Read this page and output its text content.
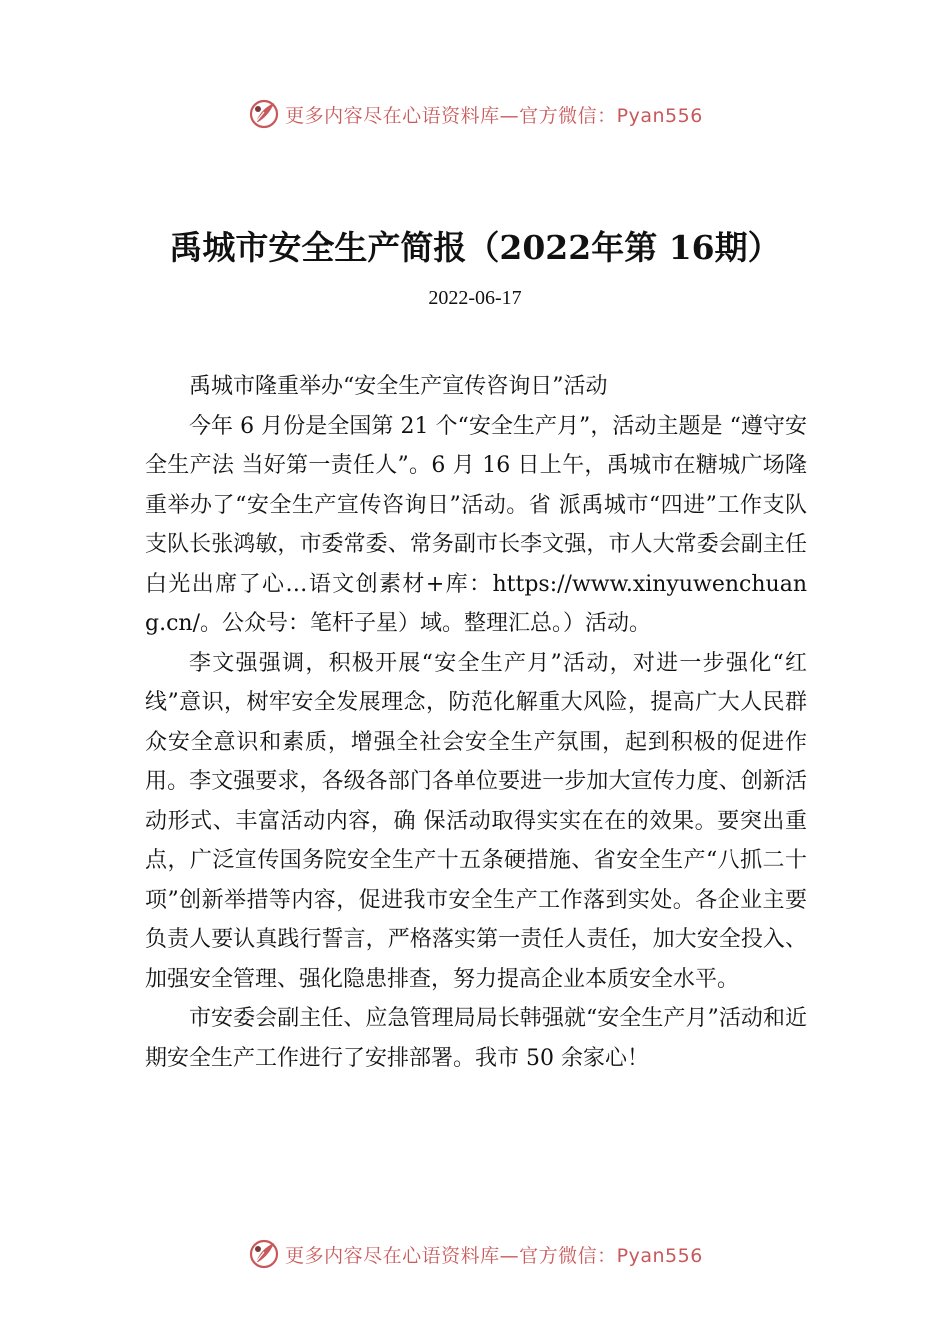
更多内容尽在心语资料库—官方微信：Pyan556
禹城市安全生产简报（2022年第 16期）
2022-06-17

禹城市隆重举办“安全生产宣传咨询日”活动

今年 6 月份是全国第 21 个“安全生产月”，活动主题是 “遵守安全生产法 当好第一责任人”。6 月 16 日上午，禹城市在糖城广场隆重举办了“安全生产宣传咨询日”活动。省 派禹城市“四进”工作支队支队长张鸿敏，市委常委、常务副市长李文强，市人大常委会副主任白光出席了心…语文创素材+库：https://www.xinyuwenchuang.cn/。公众号：笔杆子星）域。整理汇总。）活动。

李文强强调，积极开展“安全生产月”活动，对进一步强化“红线”意识，树牢安全发展理念，防范化解重大风险，提高广大人民群众安全意识和素质，增强全社会安全生产氛围，起到积极的促进作用。李文强要求，各级各部门各单位要进一步加大宣传力度、创新活动形式、丰富活动内容，确 保活动取得实实在在的效果。要突出重点，广泛宣传国务院安全生产十五条硬措施、省安全生产“八抓二十项”创新举措等内容，促进我市安全生产工作落到实处。各企业主要负责人要认真践行誓言，严格落实第一责任人责任，加大安全投入、加强安全管理、强化隐患排查，努力提高企业本质安全水平。

市安委会副主任、应急管理局局长韩强就“安全生产月”活动和近期安全生产工作进行了安排部署。我市 50 余家心！

更多内容尽在心语资料库—官方微信：Pyan556
